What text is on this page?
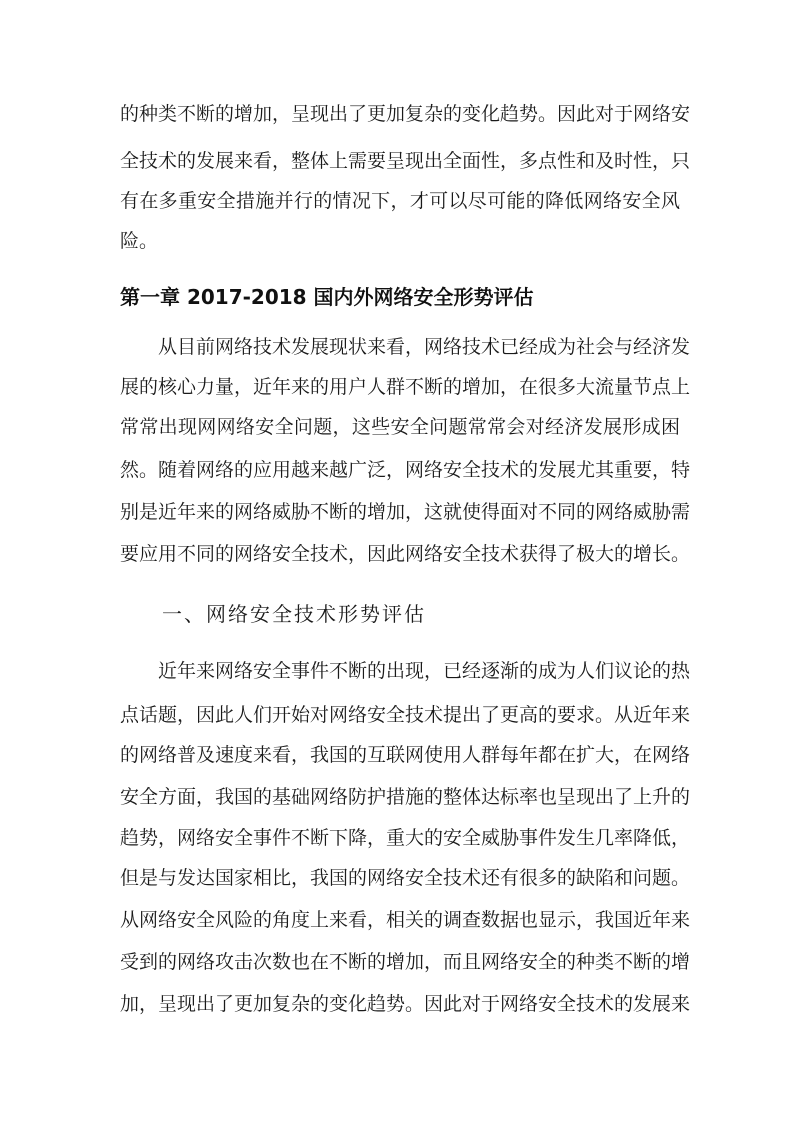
的种类不断的增加，呈现出了更加复杂的变化趋势。因此对于网络安
全技术的发展来看，整体上需要呈现出全面性，多点性和及时性，只
有在多重安全措施并行的情况下，才可以尽可能的降低网络安全风
险。
第一章 2017-2018 国内外网络安全形势评估
从目前网络技术发展现状来看，网络技术已经成为社会与经济发
展的核心力量，近年来的用户人群不断的增加，在很多大流量节点上
常常出现网网络安全问题，这些安全问题常常会对经济发展形成困
然。随着网络的应用越来越广泛，网络安全技术的发展尤其重要，特
别是近年来的网络威胁不断的增加，这就使得面对不同的网络威胁需
要应用不同的网络安全技术，因此网络安全技术获得了极大的增长。
一、网络安全技术形势评估
近年来网络安全事件不断的出现，已经逐渐的成为人们议论的热
点话题，因此人们开始对网络安全技术提出了更高的要求。从近年来
的网络普及速度来看，我国的互联网使用人群每年都在扩大，在网络
安全方面，我国的基础网络防护措施的整体达标率也呈现出了上升的
趋势，网络安全事件不断下降，重大的安全威胁事件发生几率降低，
但是与发达国家相比，我国的网络安全技术还有很多的缺陷和问题。
从网络安全风险的角度上来看，相关的调查数据也显示，我国近年来
受到的网络攻击次数也在不断的增加，而且网络安全的种类不断的增
加，呈现出了更加复杂的变化趋势。因此对于网络安全技术的发展来
